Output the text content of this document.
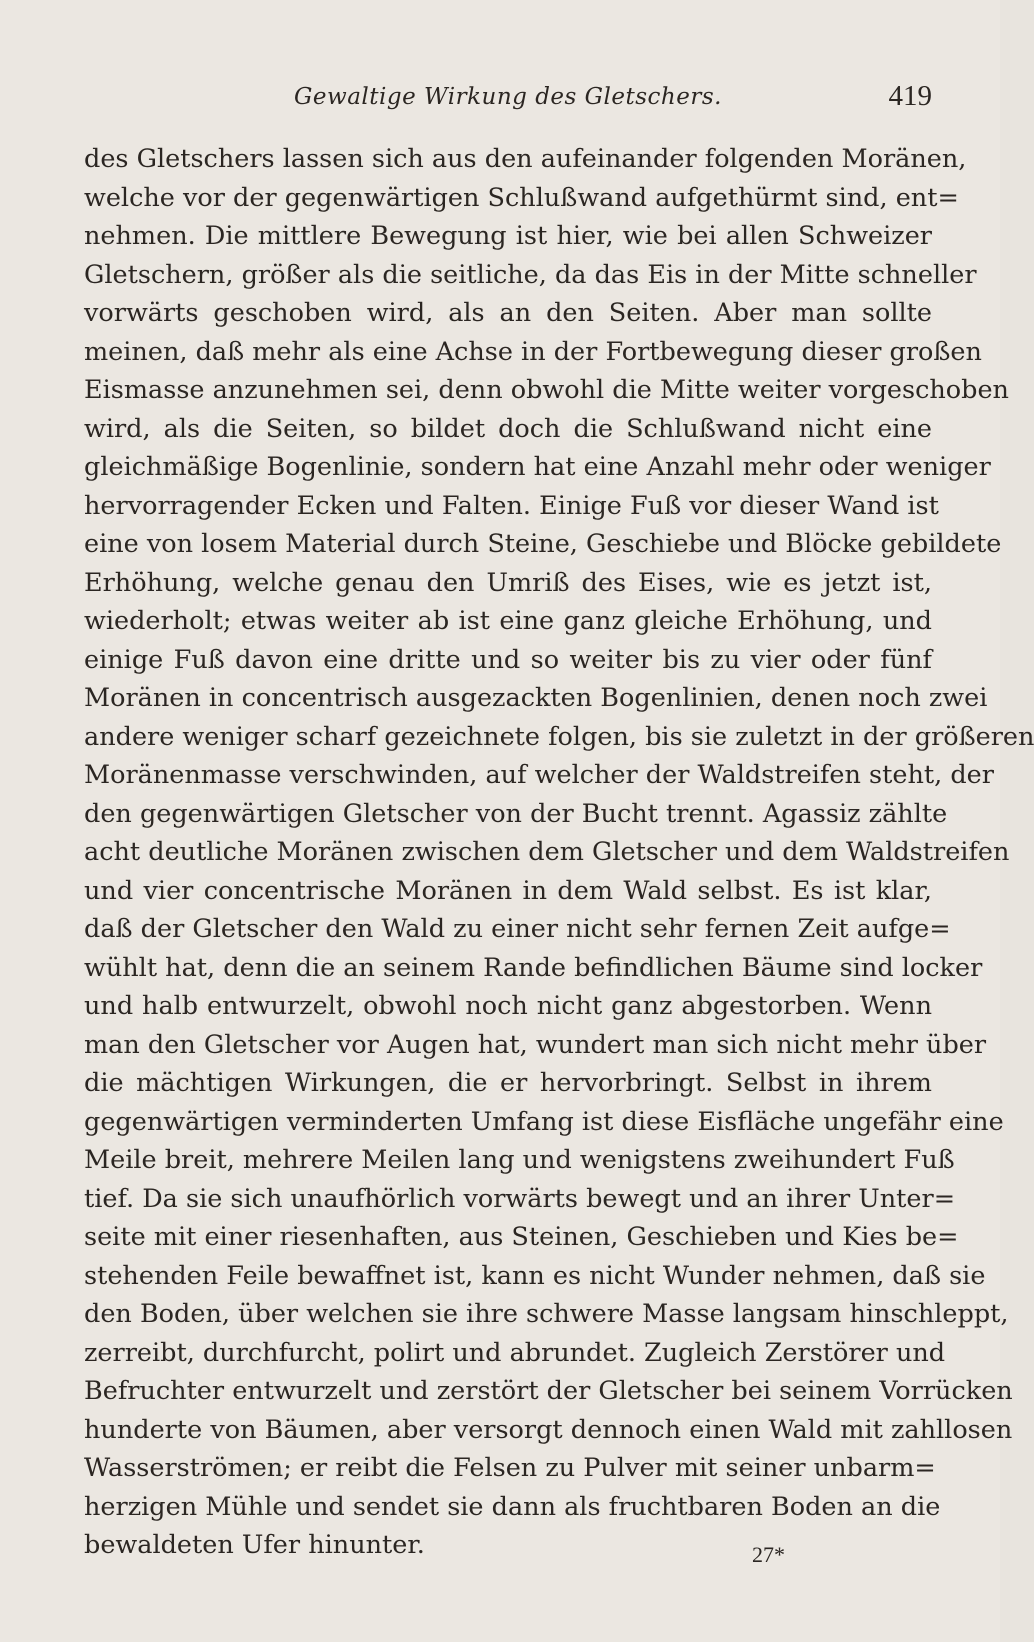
Gewaltige Wirkung des Gletschers.	419
des Gletschers lassen sich aus den aufeinander folgenden Moränen,
welche vor der gegenwärtigen Schlußwand aufgethürmt sind, ent=
nehmen. Die mittlere Bewegung ist hier, wie bei allen Schweizer
Gletschern, größer als die seitliche, da das Eis in der Mitte schneller
vorwärts geschoben wird, als an den Seiten. Aber man sollte
meinen, daß mehr als eine Achse in der Fortbewegung dieser großen
Eismasse anzunehmen sei, denn obwohl die Mitte weiter vorgeschoben
wird, als die Seiten, so bildet doch die Schlußwand nicht eine
gleichmäßige Bogenlinie, sondern hat eine Anzahl mehr oder weniger
hervorragender Ecken und Falten. Einige Fuß vor dieser Wand ist
eine von losem Material durch Steine, Geschiebe und Blöcke gebildete
Erhöhung, welche genau den Umriß des Eises, wie es jetzt ist,
wiederholt; etwas weiter ab ist eine ganz gleiche Erhöhung, und
einige Fuß davon eine dritte und so weiter bis zu vier oder fünf
Moränen in concentrisch ausgezackten Bogenlinien, denen noch zwei
andere weniger scharf gezeichnete folgen, bis sie zuletzt in der größeren
Moränenmasse verschwinden, auf welcher der Waldstreifen steht, der
den gegenwärtigen Gletscher von der Bucht trennt. Agassiz zählte
acht deutliche Moränen zwischen dem Gletscher und dem Waldstreifen
und vier concentrische Moränen in dem Wald selbst. Es ist klar,
daß der Gletscher den Wald zu einer nicht sehr fernen Zeit aufge=
wühlt hat, denn die an seinem Rande befindlichen Bäume sind locker
und halb entwurzelt, obwohl noch nicht ganz abgestorben. Wenn
man den Gletscher vor Augen hat, wundert man sich nicht mehr über
die mächtigen Wirkungen, die er hervorbringt. Selbst in ihrem
gegenwärtigen verminderten Umfang ist diese Eisfläche ungefähr eine
Meile breit, mehrere Meilen lang und wenigstens zweihundert Fuß
tief. Da sie sich unaufhörlich vorwärts bewegt und an ihrer Unter=
seite mit einer riesenhaften, aus Steinen, Geschieben und Kies be=
stehenden Feile bewaffnet ist, kann es nicht Wunder nehmen, daß sie
den Boden, über welchen sie ihre schwere Masse langsam hinschleppt,
zerreibt, durchfurcht, polirt und abrundet. Zugleich Zerstörer und
Befruchter entwurzelt und zerstört der Gletscher bei seinem Vorrücken
hunderte von Bäumen, aber versorgt dennoch einen Wald mit zahllosen
Wasserströmen; er reibt die Felsen zu Pulver mit seiner unbarm=
herzigen Mühle und sendet sie dann als fruchtbaren Boden an die
bewaldeten Ufer hinunter.	27*
